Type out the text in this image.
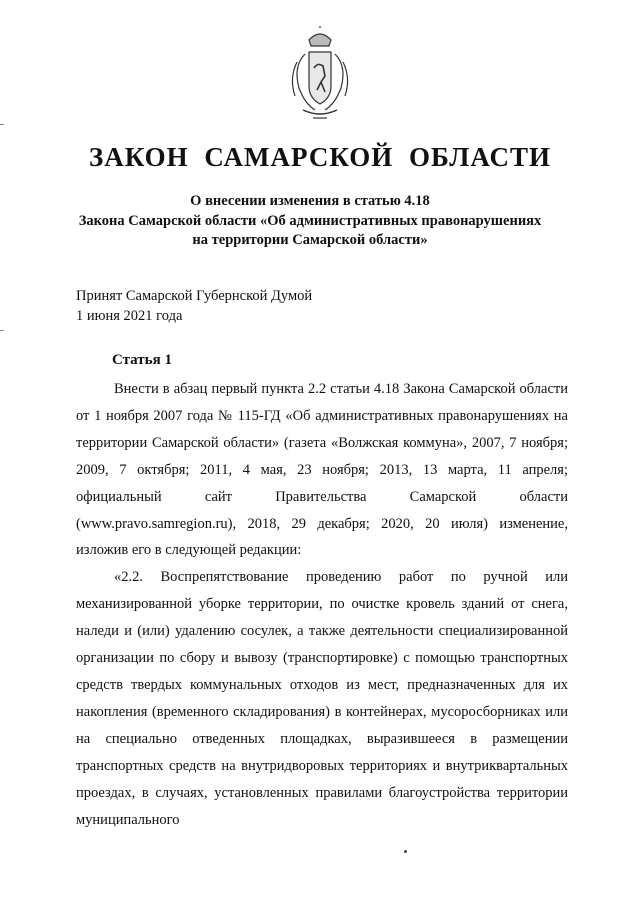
ЗАКОН САМАРСКОЙ ОБЛАСТИ
О внесении изменения в статью 4.18
Закона Самарской области «Об административных правонарушениях
на территории Самарской области»
Принят Самарской Губернской Думой
1 июня 2021 года
Статья 1

Внести в абзац первый пункта 2.2 статьи 4.18 Закона Самарской области от 1 ноября 2007 года № 115-ГД «Об административных правонарушениях на территории Самарской области» (газета «Волжская коммуна», 2007, 7 ноября; 2009, 7 октября; 2011, 4 мая, 23 ноября; 2013, 13 марта, 11 апреля; официальный сайт Правительства Самарской области (www.pravo.samregion.ru), 2018, 29 декабря; 2020, 20 июля) изменение, изложив его в следующей редакции:

«2.2. Воспрепятствование проведению работ по ручной или механизированной уборке территории, по очистке кровель зданий от снега, наледи и (или) удалению сосулек, а также деятельности специализированной организации по сбору и вывозу (транспортировке) с помощью транспортных средств твердых коммунальных отходов из мест, предназначенных для их накопления (временного складирования) в контейнерах, мусоросборниках или на специально отведенных площадках, выразившееся в размещении транспортных средств на внутридворовых территориях и внутриквартальных проездах, в случаях, установленных правилами благоустройства территории муниципального
